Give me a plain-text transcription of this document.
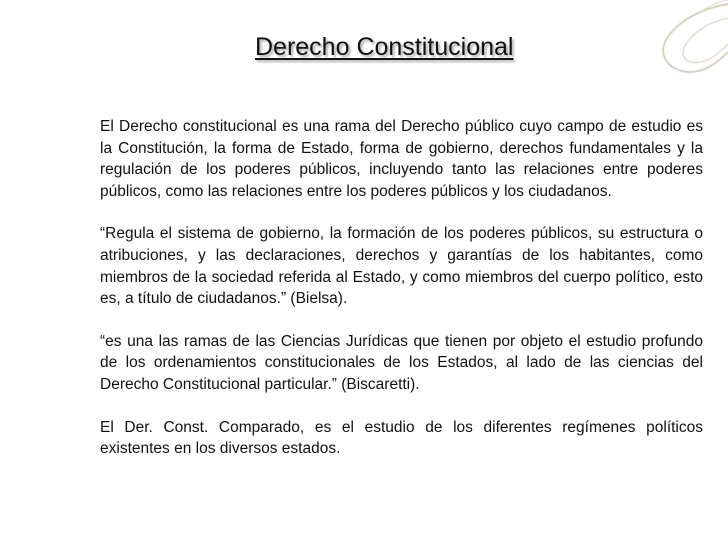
Derecho Constitucional

El Derecho constitucional es una rama del Derecho público cuyo campo de estudio es la Constitución, la forma de Estado, forma de gobierno, derechos fundamentales y la regulación de los poderes públicos, incluyendo tanto las relaciones entre poderes públicos, como las relaciones entre los poderes públicos y los ciudadanos.

“Regula el sistema de gobierno, la formación de los poderes públicos, su estructura o atribuciones, y las declaraciones, derechos y garantías de los habitantes, como miembros de la sociedad referida al Estado, y como miembros del cuerpo político, esto es, a título de ciudadanos.” (Bielsa).

“es una las ramas de las Ciencias Jurídicas que tienen por objeto el estudio profundo de los ordenamientos constitucionales de los Estados, al lado de las ciencias del Derecho Constitucional particular.” (Biscaretti).

El Der. Const. Comparado, es el estudio de los diferentes regímenes políticos existentes en los diversos estados.
